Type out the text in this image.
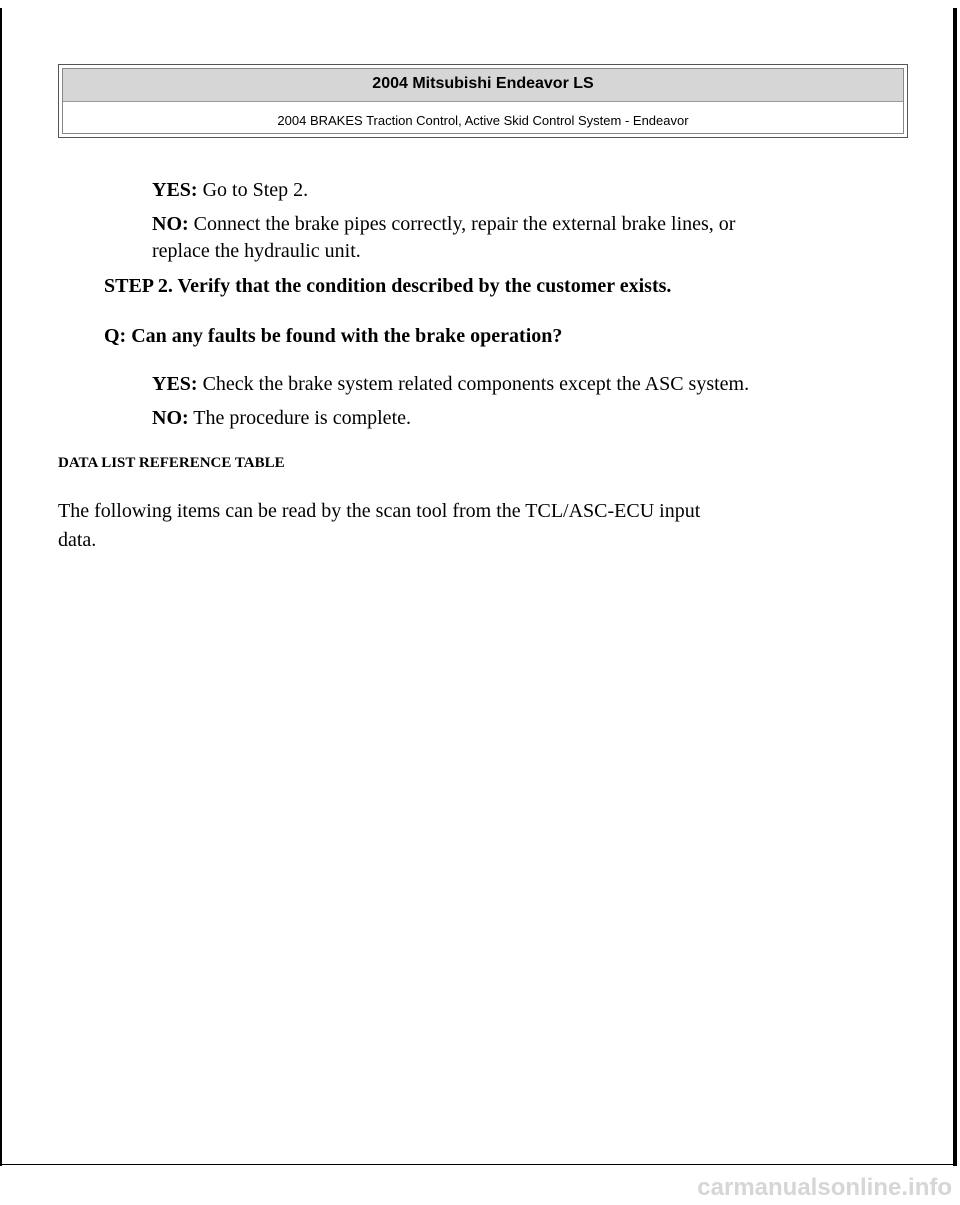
2004 Mitsubishi Endeavor LS
2004 BRAKES Traction Control, Active Skid Control System - Endeavor
YES: Go to Step 2.
NO: Connect the brake pipes correctly, repair the external brake lines, or
replace the hydraulic unit.
STEP 2. Verify that the condition described by the customer exists.
Q: Can any faults be found with the brake operation?
YES: Check the brake system related components except the ASC system.
NO: The procedure is complete.
DATA LIST REFERENCE TABLE
The following items can be read by the scan tool from the TCL/ASC-ECU input
data.
carmanualsonline.info
